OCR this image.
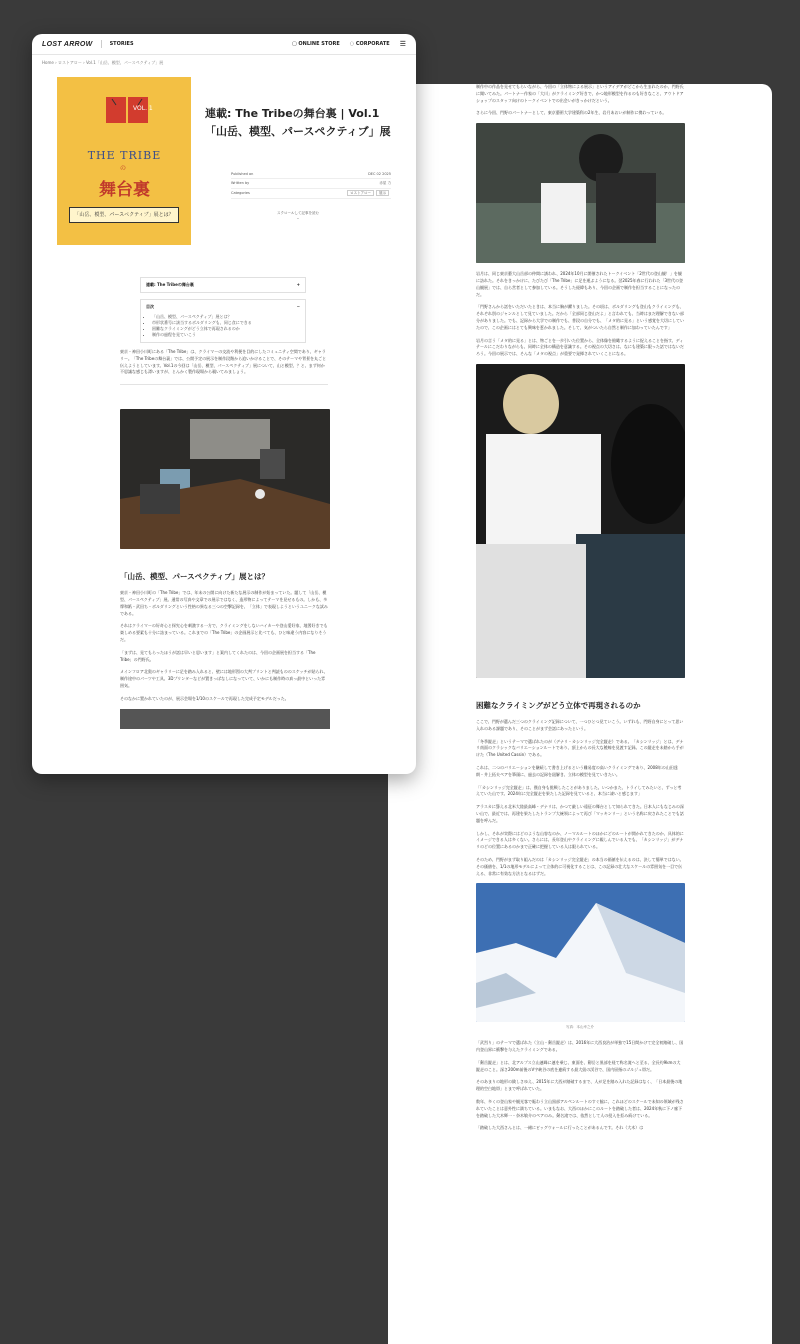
LOST ARROW	STORIES	▢ ONLINE STORE ◌ CORPORATE ☰
Home › ロストアロー › Vol.1「山岳、模型、パースペクティブ」展
VOL. 1
THE TRIBE
の
舞台裏
「山岳、模型、パースペクティブ」展とは？
連載: The Tribeの舞台裏 | Vol.1 「山岳、模型、パースペクティブ」展
Published on	DEC 02 2025
Written by	赤星 力
Categories	ロストアロー 展示
スクロールして記事を読む
⌄
連載: The Tribeの舞台裏	+
目次	−
• 「山岳、模型、パースペクティブ」展とは？
• 市形状番号に該当するボルダリングも、同じ食にできる
• 困難なクライミングがどう立体で再現されるのか
• 制作の過程を見ていこう

東京・神田小川町にある「The Tribe」は、クライマーの交流や利便を目的にしたコミュニティ空間であり、ギャラリー。「The Tribeの舞台裏」では、公開予定の展示を制作段階から追いかけることで、そのテーマや背景を丸ごと伝えようとしています。Vol.1の今回は「山岳、模型、パースペクティブ」展について、山と模型、？と、まず何か不思議な感じも漂いますが、とんかく製作現場から覗いてみましょう。

「山岳、模型、パースペクティブ」展とは？

東京・神田小川町の「The Tribe」では、年末の公開に向けた新たな展示の制作が始まっていた。題して「山岳、模型、パースペクティブ」展。通常の写真や文章での展示ではなく、造形物によってテーマを見せるもの。しかも、多摩和紙・武田ち・ボルダリングという性格の異なる三つの空撃記録を、「立体」で表現しようというユニークな試みである。

それはクライマーの好奇心と探究心を刺激する一方で、クライミングをしないハイカーや登山愛好家、地図好きでも楽しめる要素も十分に詰まっている。これまでの「The Tribe」の企画展示と比べても、ひと味違う内容になりそうだ。

「まずは、見てもらったほうが話は早いと思います」と案内してくれたのは、今回の企画展を担当する「The Tribe」の門野氏。

メインフロア北奥のギャラリーに足を踏み入れると、壁には地形図の大判プリントと判読もののスケッチが貼られ、制作途中のパーツや工具、3Dプリンターなどが置きっぱなしになっていて、いかにも制作時の真っ最中といった雰囲気。

そのなかに置かれていたのが、展示会場を1/10のスケールで再現した完成予定モデルだった。

制作中の作品を見せてもらいながら、今回の「立体物による展示」というアイデアがどこから生まれたのか、門野氏に聞いてみた。パートナー作家の「大川」がクライミング好きで、かつ地形模型を作るのも好きなこと、アウトドアショップのスタッフ向けのトークイベントでの出会いがきっかけだという。

さらに今回、門野のパートナーとして、東京藝術大学建築科の2年生、岩月あおいが制作に携わっている。

岩月は、同じ東京藝大山岳部の仲間に誘われ、2024年10月に開催されたトークイベント「2世代の登山観！」を観に訪れた。それをきっかけに、たびたび「The Tribe」に足を運ぶようになる。翌2025年春に行われた「3世代の登山観展」では、自ら営者として参加している。そうした経緯もあり、今回の企画で制作を担当することになったのだ。

「門野さんから話をいただいたときは、本当に胸が躍りました。その頃は、ボルダリングも登山もクライミングも、それぞれ別のジャンルとして見ていました。だから「全部同じ登山だよ」と言われても、当時はまだ理解できない部分がありました。でも、記録から大学での制作でも、普段の自分でも、「メタ的に見る」という感覚を大切にしていたので、この企画にはとても興味を惹かれました。そして、気がついたら自然と制作に加わっていたんです」

岩月の言う「メタ的に見る」とは、物ごとを一歩引いた位置から、全体像を俯瞰するように捉えることを指す。ディテールにこだわりながらも、同時に全体の構造を意識する。その視点の大切さは、なにも建築に限った話ではないだろう。今回の展示では、そんな「メタの視点」が重要で発揮されていくことになる。

困難なクライミングがどう立体で再現されるのか

ここで、門野が選んだ三つのクライミング記録について、一つひとつ見ていこう。いずれも、門野自身にとって思い入れのある課題であり、そのことがまず会話にあったという。

「冬季縦走」というテーマで選ばれたのが（デナリ・カシンリッジ完全縦走）である。「カシンリッジ」とは、デナリ南面のクラシックなバリエーションルートであり、頂上からの長大な稜線を見渡す記録。この縦走を未踏から手がけた（The United Cassin）である。

これは、二つのバリエーションを継続して書き上げるという難易度の高いクライミングであり、2008年の山田達朗・井上拓夫ペアを筆頭に、過去の記録を紐解き、立体の模型を見ていきたい。

「「カシンリッジ完全縦走」は、僕自身も挑戦したことがありました。いつかまた、トライしてみたいと、ずっと考えていた山です。2024年に完全縦走を果たした記録を見ていると、本当に凄いと感じます」

アラスカに聳える北米大陸最高峰・デナリは、かつて厳しい遠征の舞台として知られてきた。日本人にもなじみの深い山で、最近では、再建を果たしたトランプ大統領によって再び「マッキンリー」という名称に戻されたことでも話題を呼んだ。

しかし、それが実際にはどのような山容なのか、ノーマルルートのほかにどのルートが開かれてきたのか、具体的にイメージできる人は多くない。さらには、長年登山やクライミングに親しんでいる人でも、「カシンリッジ」がデナリのどの位置にあるのかまで正確に把握している人は限られている。

そのため、門野がまず取り組んだのは「カシンリッジ完全縦走」の本当の価値を伝えるのは、決して簡単ではない。その価値を、1/1の地形モデルによって立体的に可視化することは、この記録の壮大なスケールの雰囲気を一目で伝える、非常に有効な方法となるはずだ。

写真：本山幸之介

「武烈り」のテーマで選ばれた（立山・剱岳縦走）は、2016年に大西良治が単独で15日間かけて完全初踏破し、国内登山界に衝撃を与えたクライミングである。

「剱岳縦走」とは、北アルプス立山連峰に連を乗じ、東面を、剱岳と黒部を経て称名滝へと至る、全長約9kmの大縦走のこと。深さ200m前後のV字峡谷の底を連続する最大級の渓谷で、国内屈指のゴルジュ帯だ。

そのあまりの地形の険しさゆえ、2015年に大西が踏破するまで、人が足を踏み入れた記録はなく、「日本最後の地理的空白地帯」とまで呼ばれていた。

数年、多くの登山家や観光客で賑わう立山黒部アルペンルートのすぐ脇に、これほどのスケールで未知の領域が残されていたことは意外性に満ちている。いまもなお、大西のほかにこのルートを踏破した者は、2024年秋に下ノ廊下を踏破した大木輝一・奈木敏介のペアのみ。剱名滝では、依然として人の侵入を拒み続けている。

「踏破した大西さんとは、一緒にビッグウォールに行ったことがあるんです。それ（大木）は
